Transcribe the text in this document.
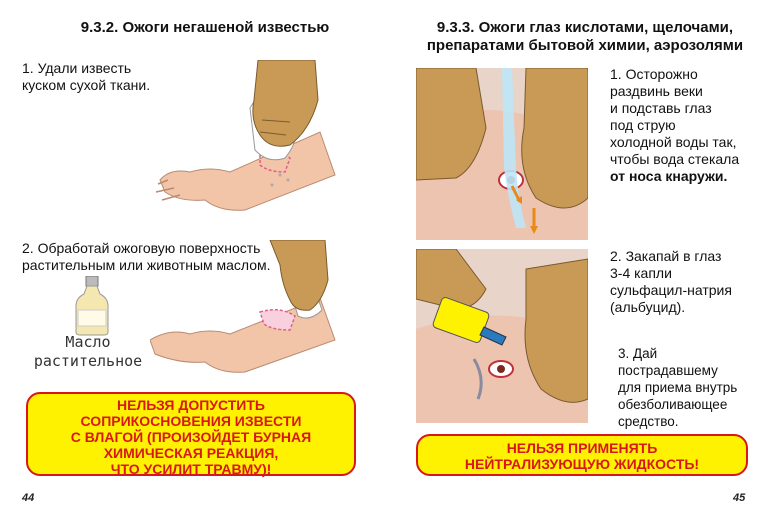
9.3.2. Ожоги негашеной известью
1. Удали известь
куском сухой ткани.
2. Обработай ожоговую поверхность
растительным или животным маслом.
Масло
растительное
НЕЛЬЗЯ ДОПУСТИТЬ
СОПРИКОСНОВЕНИЯ ИЗВЕСТИ
С ВЛАГОЙ (ПРОИЗОЙДЕТ БУРНАЯ
ХИМИЧЕСКАЯ РЕАКЦИЯ,
ЧТО УСИЛИТ ТРАВМУ)!
44
9.3.3. Ожоги глаз кислотами, щелочами,
препаратами бытовой химии, аэрозолями
1. Осторожно
раздвинь веки
и подставь глаз
под струю
холодной воды так,
чтобы вода стекала
от носа кнаружи.
2. Закапай в глаз
3-4 капли
сульфацил-натрия
(альбуцид).
3. Дай
пострадавшему
для приема внутрь
обезболивающее
средство.
НЕЛЬЗЯ ПРИМЕНЯТЬ
НЕЙТРАЛИЗУЮЩУЮ ЖИДКОСТЬ!
45
